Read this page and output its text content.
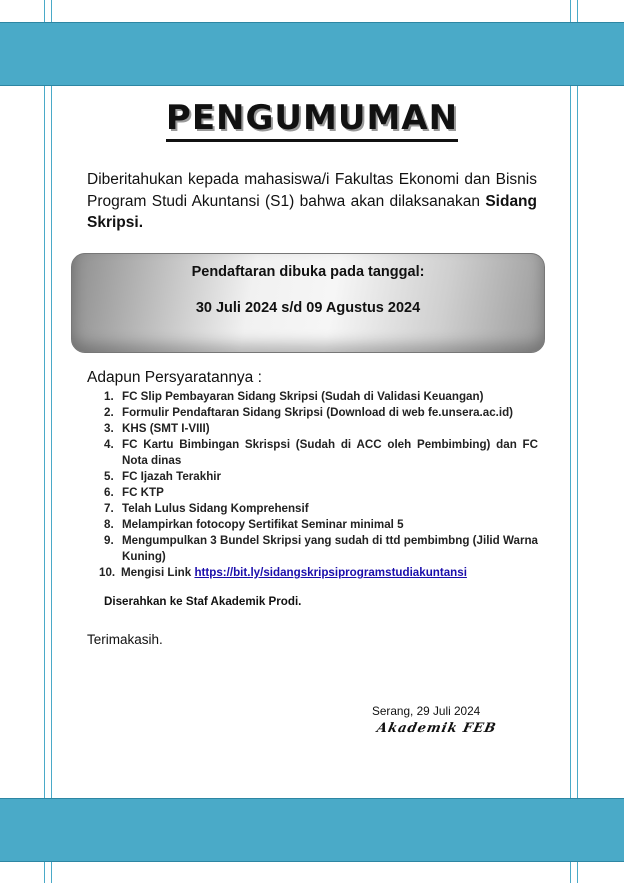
PENGUMUMAN
Diberitahukan kepada mahasiswa/i Fakultas Ekonomi dan Bisnis Program Studi Akuntansi (S1) bahwa akan dilaksanakan Sidang Skripsi.
Pendaftaran dibuka pada tanggal:
30 Juli 2024 s/d 09 Agustus 2024
Adapun Persyaratannya :
1. FC Slip Pembayaran Sidang Skripsi (Sudah di Validasi Keuangan)
2. Formulir Pendaftaran Sidang Skripsi (Download di web fe.unsera.ac.id)
3. KHS (SMT I-VIII)
4. FC Kartu Bimbingan Skrispsi (Sudah di ACC oleh Pembimbing) dan FC Nota dinas
5. FC Ijazah Terakhir
6. FC KTP
7. Telah Lulus Sidang Komprehensif
8. Melampirkan fotocopy Sertifikat Seminar minimal 5
9. Mengumpulkan 3 Bundel Skripsi yang sudah di ttd pembimbng (Jilid Warna Kuning)
10. Mengisi Link https://bit.ly/sidangskripsiprogramstudiakuntansi
Diserahkan ke Staf Akademik Prodi.
Terimakasih.
Serang, 29 Juli 2024
Akademik FEB
